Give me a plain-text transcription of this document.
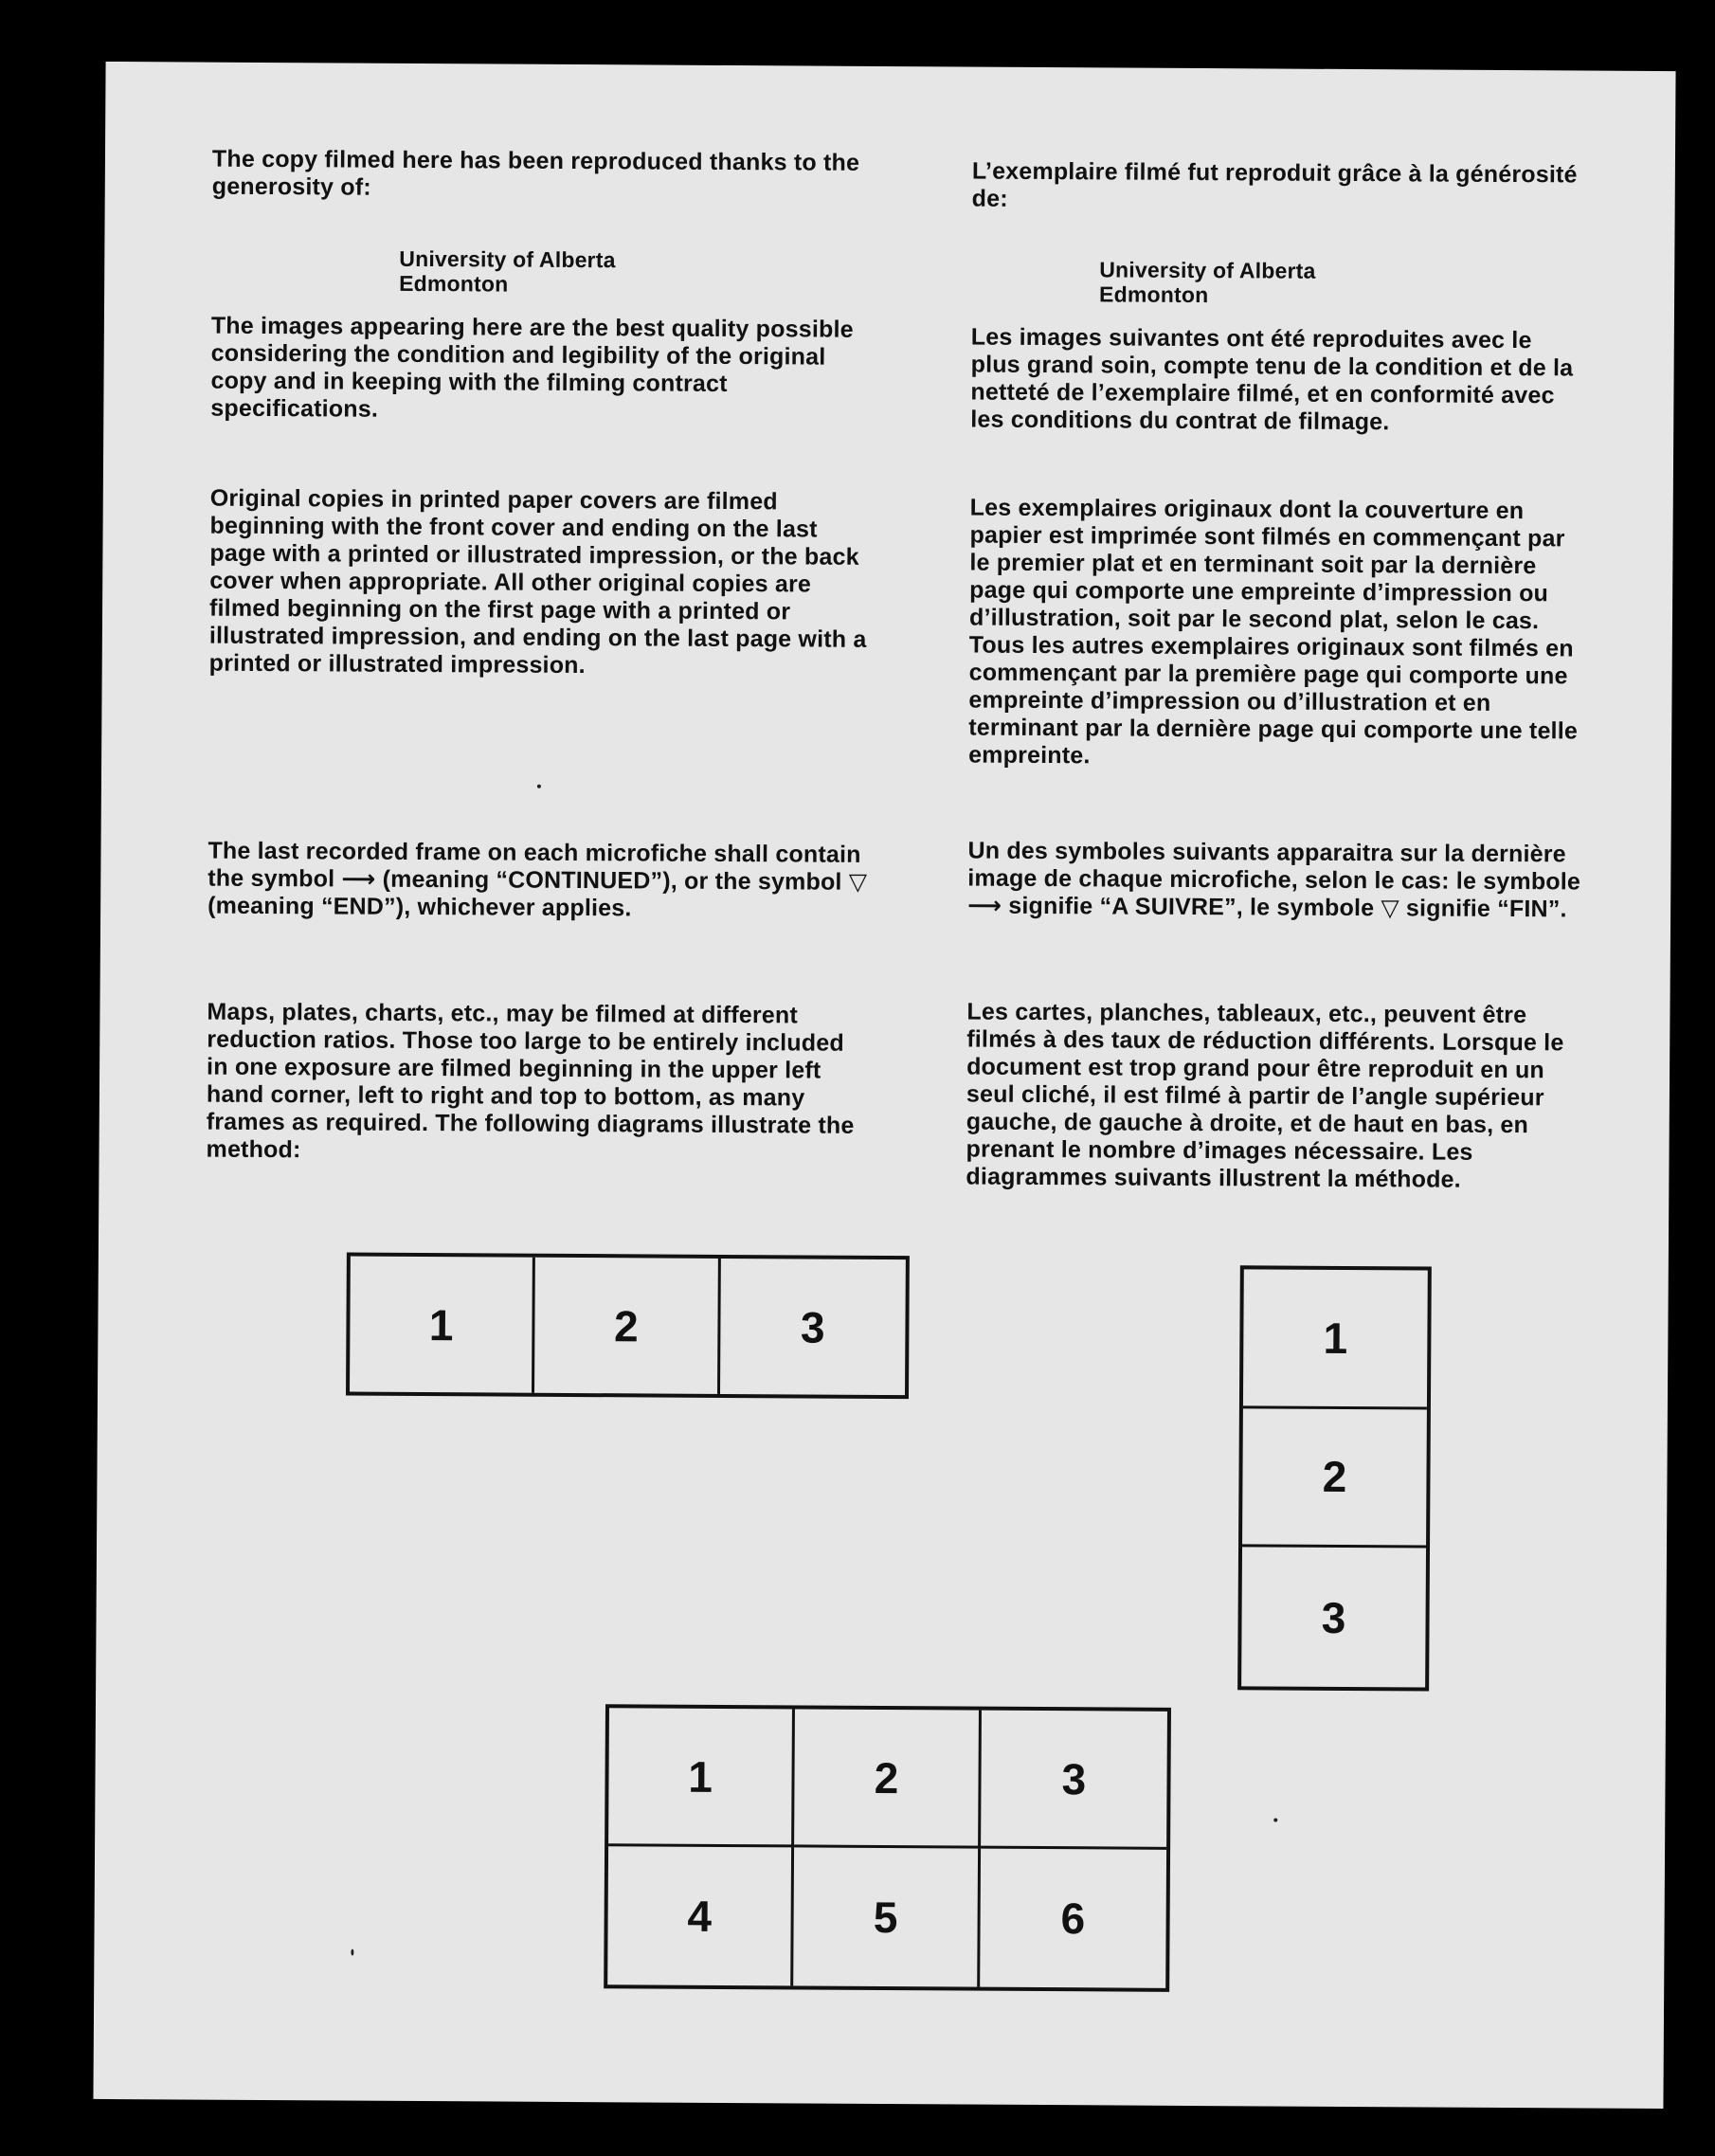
The copy filmed here has been reproduced thanks to the generosity of:

University of Alberta

Edmonton

The images appearing here are the best quality possible considering the condition and legibility of the original copy and in keeping with the filming contract specifications.

Original copies in printed paper covers are filmed beginning with the front cover and ending on the last page with a printed or illustrated impression, or the back cover when appropriate. All other original copies are filmed beginning on the first page with a printed or illustrated impression, and ending on the last page with a printed or illustrated impression.

The last recorded frame on each microfiche shall contain the symbol ⟶ (meaning “CONTINUED”), or the symbol ▽ (meaning “END”), whichever applies.

Maps, plates, charts, etc., may be filmed at different reduction ratios. Those too large to be entirely included in one exposure are filmed beginning in the upper left hand corner, left to right and top to bottom, as many frames as required. The following diagrams illustrate the method:

L’exemplaire filmé fut reproduit grâce à la générosité de:

University of Alberta

Edmonton

Les images suivantes ont été reproduites avec le plus grand soin, compte tenu de la condition et de la netteté de l’exemplaire filmé, et en conformité avec les conditions du contrat de filmage.

Les exemplaires originaux dont la couverture en papier est imprimée sont filmés en commençant par le premier plat et en terminant soit par la dernière page qui comporte une empreinte d’impression ou d’illustration, soit par le second plat, selon le cas. Tous les autres exemplaires originaux sont filmés en commençant par la première page qui comporte une empreinte d’impression ou d’illustration et en terminant par la dernière page qui comporte une telle empreinte.

Un des symboles suivants apparaitra sur la dernière image de chaque microfiche, selon le cas: le symbole ⟶ signifie “A SUIVRE”, le symbole ▽ signifie “FIN”.

Les cartes, planches, tableaux, etc., peuvent être filmés à des taux de réduction différents. Lorsque le document est trop grand pour être reproduit en un seul cliché, il est filmé à partir de l’angle supérieur gauche, de gauche à droite, et de haut en bas, en prenant le nombre d’images nécessaire. Les diagrammes suivants illustrent la méthode.

1	2	3	1
2
3
1	2	3
4	5	6
